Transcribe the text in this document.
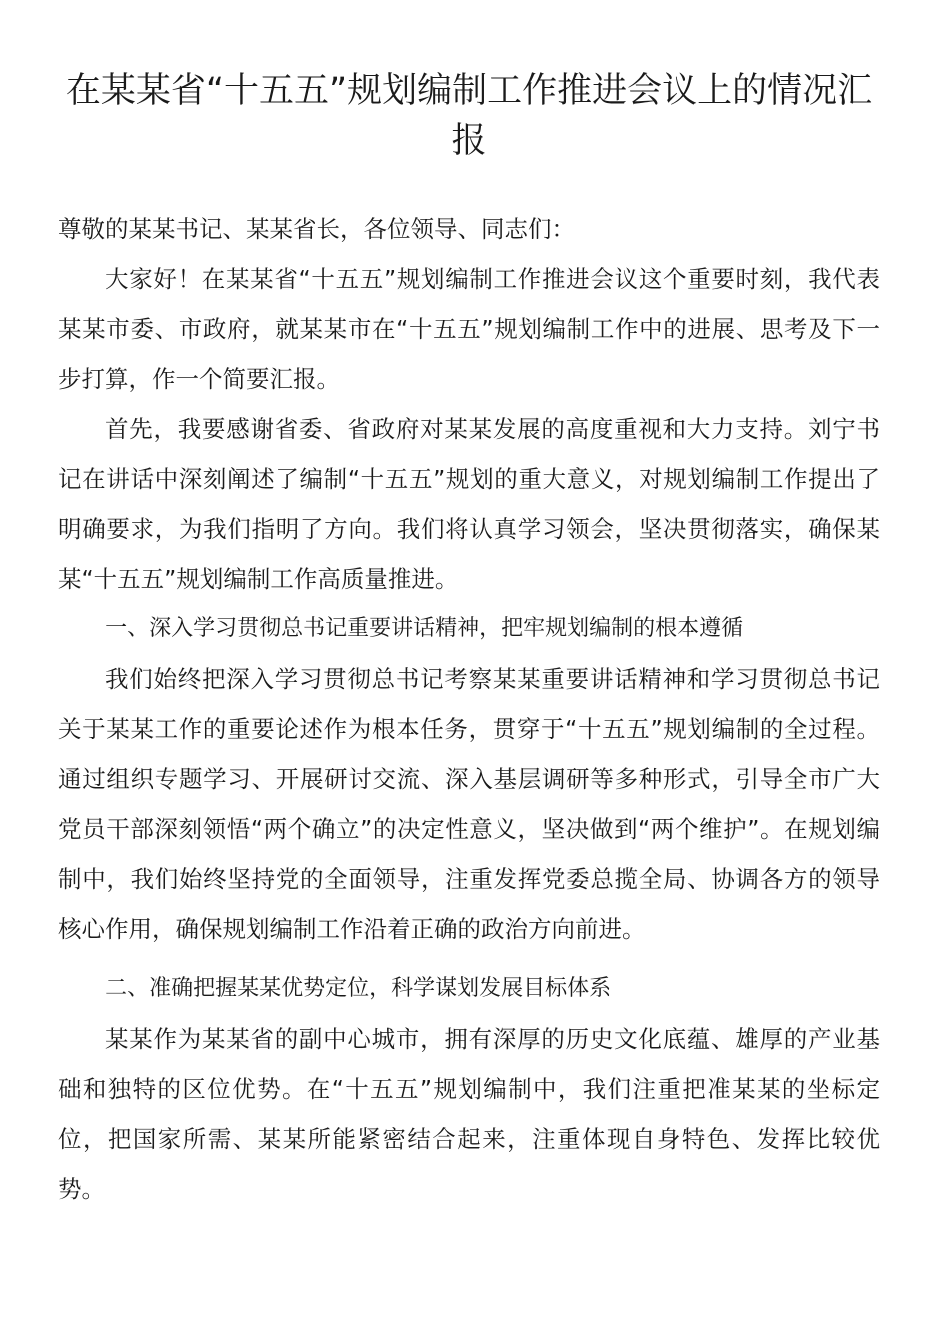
在某某省“十五五”规划编制工作推进会议上的情况汇报

尊敬的某某书记、某某省长，各位领导、同志们：

大家好！在某某省“十五五”规划编制工作推进会议这个重要时刻，我代表某某市委、市政府，就某某市在“十五五”规划编制工作中的进展、思考及下一步打算，作一个简要汇报。

首先，我要感谢省委、省政府对某某发展的高度重视和大力支持。刘宁书记在讲话中深刻阐述了编制“十五五”规划的重大意义，对规划编制工作提出了明确要求，为我们指明了方向。我们将认真学习领会，坚决贯彻落实，确保某某“十五五”规划编制工作高质量推进。

一、深入学习贯彻总书记重要讲话精神，把牢规划编制的根本遵循

我们始终把深入学习贯彻总书记考察某某重要讲话精神和学习贯彻总书记关于某某工作的重要论述作为根本任务，贯穿于“十五五”规划编制的全过程。通过组织专题学习、开展研讨交流、深入基层调研等多种形式，引导全市广大党员干部深刻领悟“两个确立”的决定性意义，坚决做到“两个维护”。在规划编制中，我们始终坚持党的全面领导，注重发挥党委总揽全局、协调各方的领导核心作用，确保规划编制工作沿着正确的政治方向前进。

二、准确把握某某优势定位，科学谋划发展目标体系

某某作为某某省的副中心城市，拥有深厚的历史文化底蕴、雄厚的产业基础和独特的区位优势。在“十五五”规划编制中，我们注重把准某某的坐标定位，把国家所需、某某所能紧密结合起来，注重体现自身特色、发挥比较优势。
